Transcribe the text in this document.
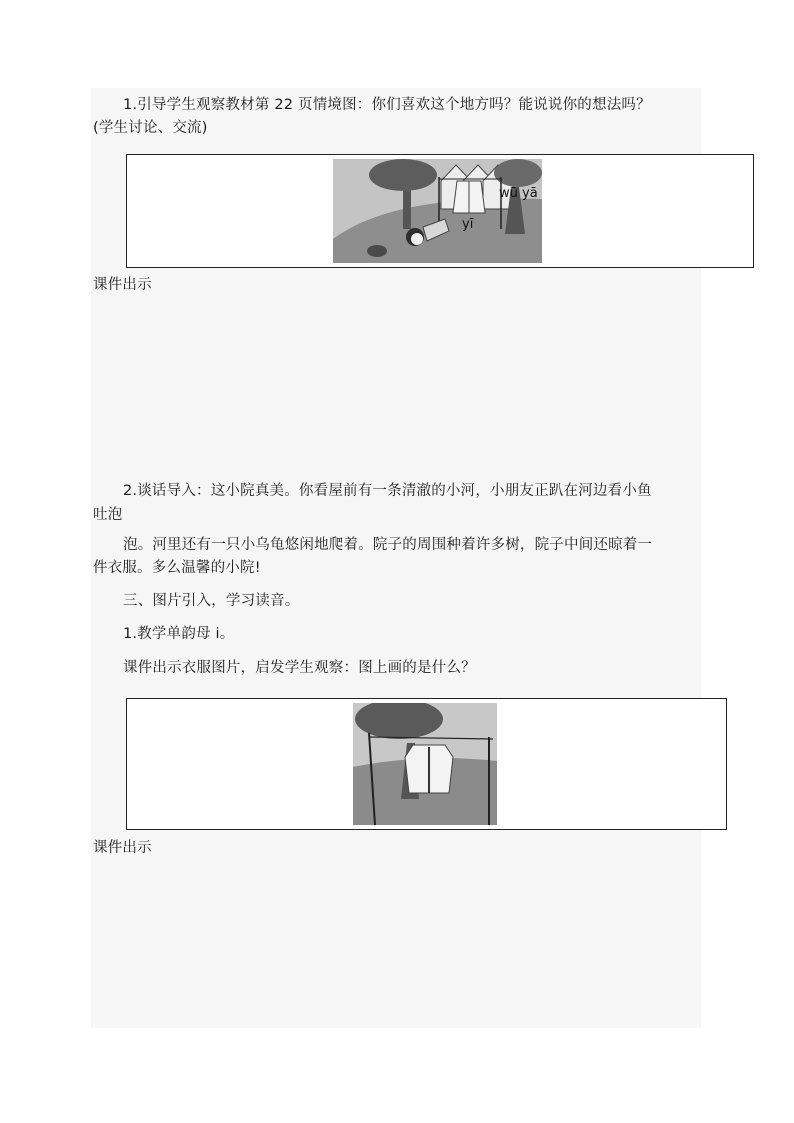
1.引导学生观察教材第 22 页情境图：你们喜欢这个地方吗？能说说你的想法吗？
(学生讨论、交流)
yī
wū yā
课件出示
2.谈话导入：这小院真美。你看屋前有一条清澈的小河，小朋友正趴在河边看小鱼
吐泡
泡。河里还有一只小乌龟悠闲地爬着。院子的周围种着许多树，院子中间还晾着一
件衣服。多么温馨的小院!
三、图片引入，学习读音。
1.教学单韵母 i。
课件出示衣服图片，启发学生观察：图上画的是什么？
课件出示
